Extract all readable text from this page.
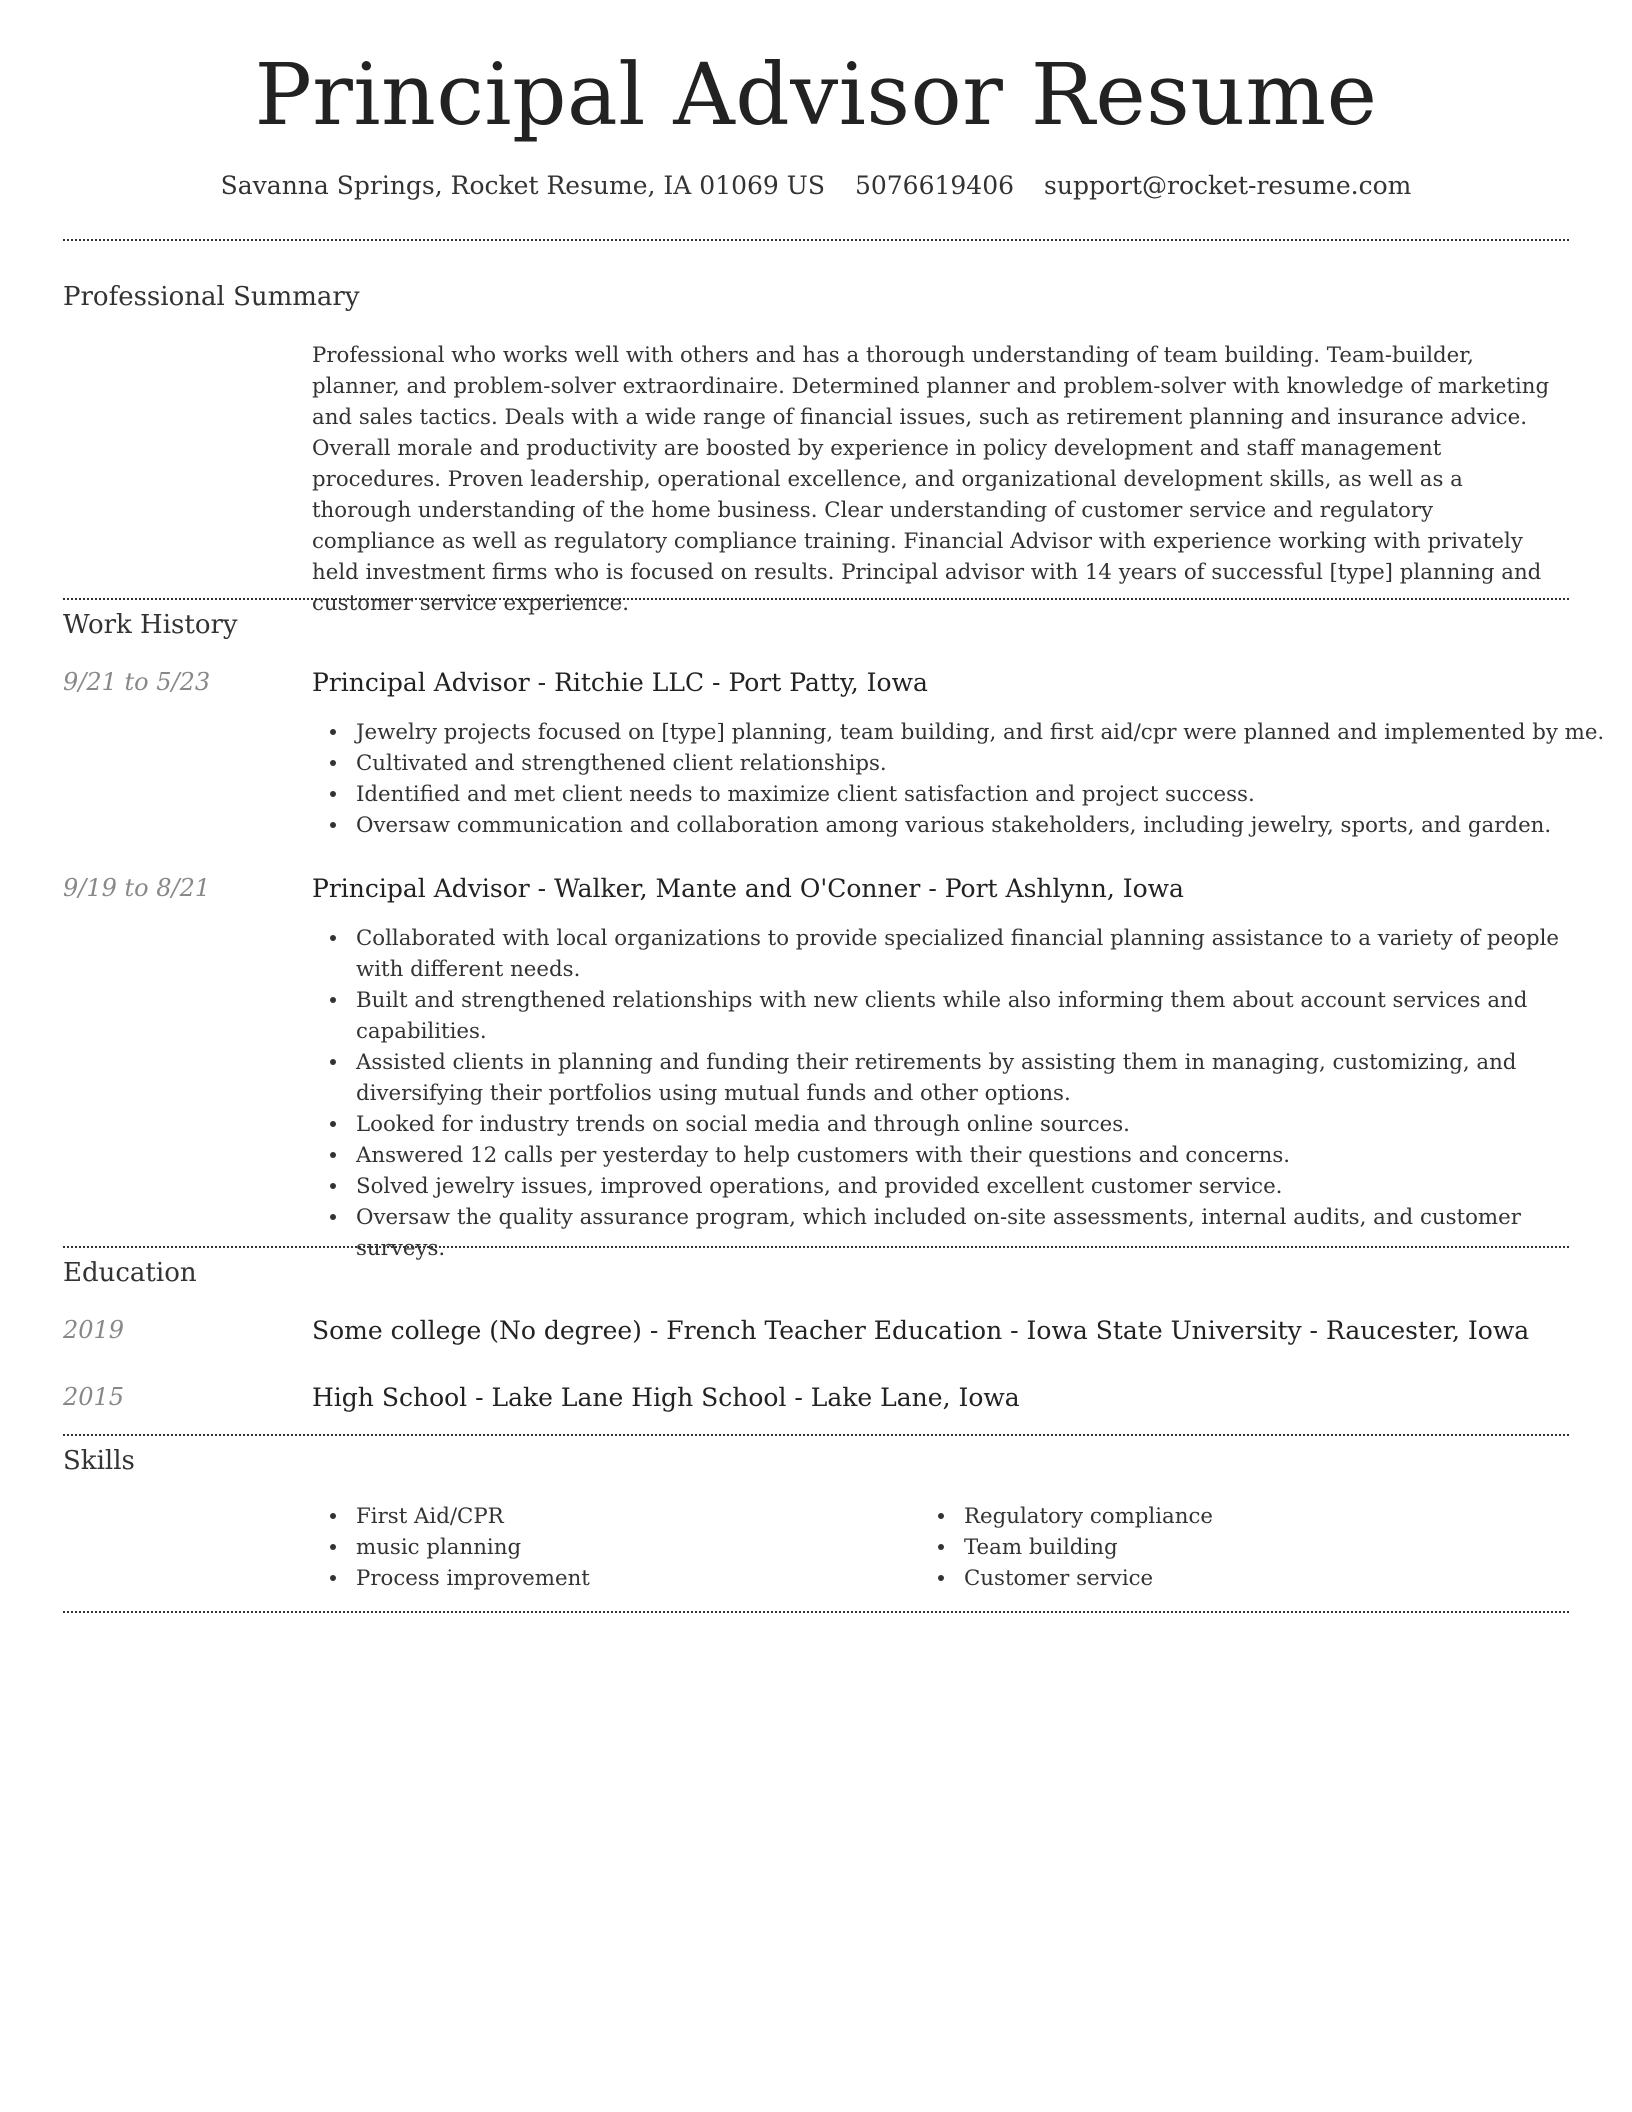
Principal Advisor Resume
Savanna Springs, Rocket Resume, IA 01069 US 5076619406 support@rocket-resume.com
Professional Summary

Professional who works well with others and has a thorough understanding of team building. Team-builder, planner, and problem-solver extraordinaire. Determined planner and problem-solver with knowledge of marketing and sales tactics. Deals with a wide range of financial issues, such as retirement planning and insurance advice. Overall morale and productivity are boosted by experience in policy development and staff management procedures. Proven leadership, operational excellence, and organizational development skills, as well as a thorough understanding of the home business. Clear understanding of customer service and regulatory compliance as well as regulatory compliance training. Financial Advisor with experience working with privately held investment firms who is focused on results. Principal advisor with 14 years of successful [type] planning and customer service experience.

Work History
9/21 to 5/23	Principal Advisor - Ritchie LLC - Port Patty, Iowa
Jewelry projects focused on [type] planning, team building, and first aid/cpr were planned and implemented by me.
Cultivated and strengthened client relationships.
Identified and met client needs to maximize client satisfaction and project success.
Oversaw communication and collaboration among various stakeholders, including jewelry, sports, and garden.
9/19 to 8/21	Principal Advisor - Walker, Mante and O'Conner - Port Ashlynn, Iowa
Collaborated with local organizations to provide specialized financial planning assistance to a variety of people with different needs.
Built and strengthened relationships with new clients while also informing them about account services and capabilities.
Assisted clients in planning and funding their retirements by assisting them in managing, customizing, and diversifying their portfolios using mutual funds and other options.
Looked for industry trends on social media and through online sources.
Answered 12 calls per yesterday to help customers with their questions and concerns.
Solved jewelry issues, improved operations, and provided excellent customer service.
Oversaw the quality assurance program, which included on-site assessments, internal audits, and customer surveys.
Education
2019	Some college (No degree) - French Teacher Education - Iowa State University - Raucester, Iowa
2015	High School - Lake Lane High School - Lake Lane, Iowa
Skills
First Aid/CPR
music planning
Process improvement
Regulatory compliance
Team building
Customer service
